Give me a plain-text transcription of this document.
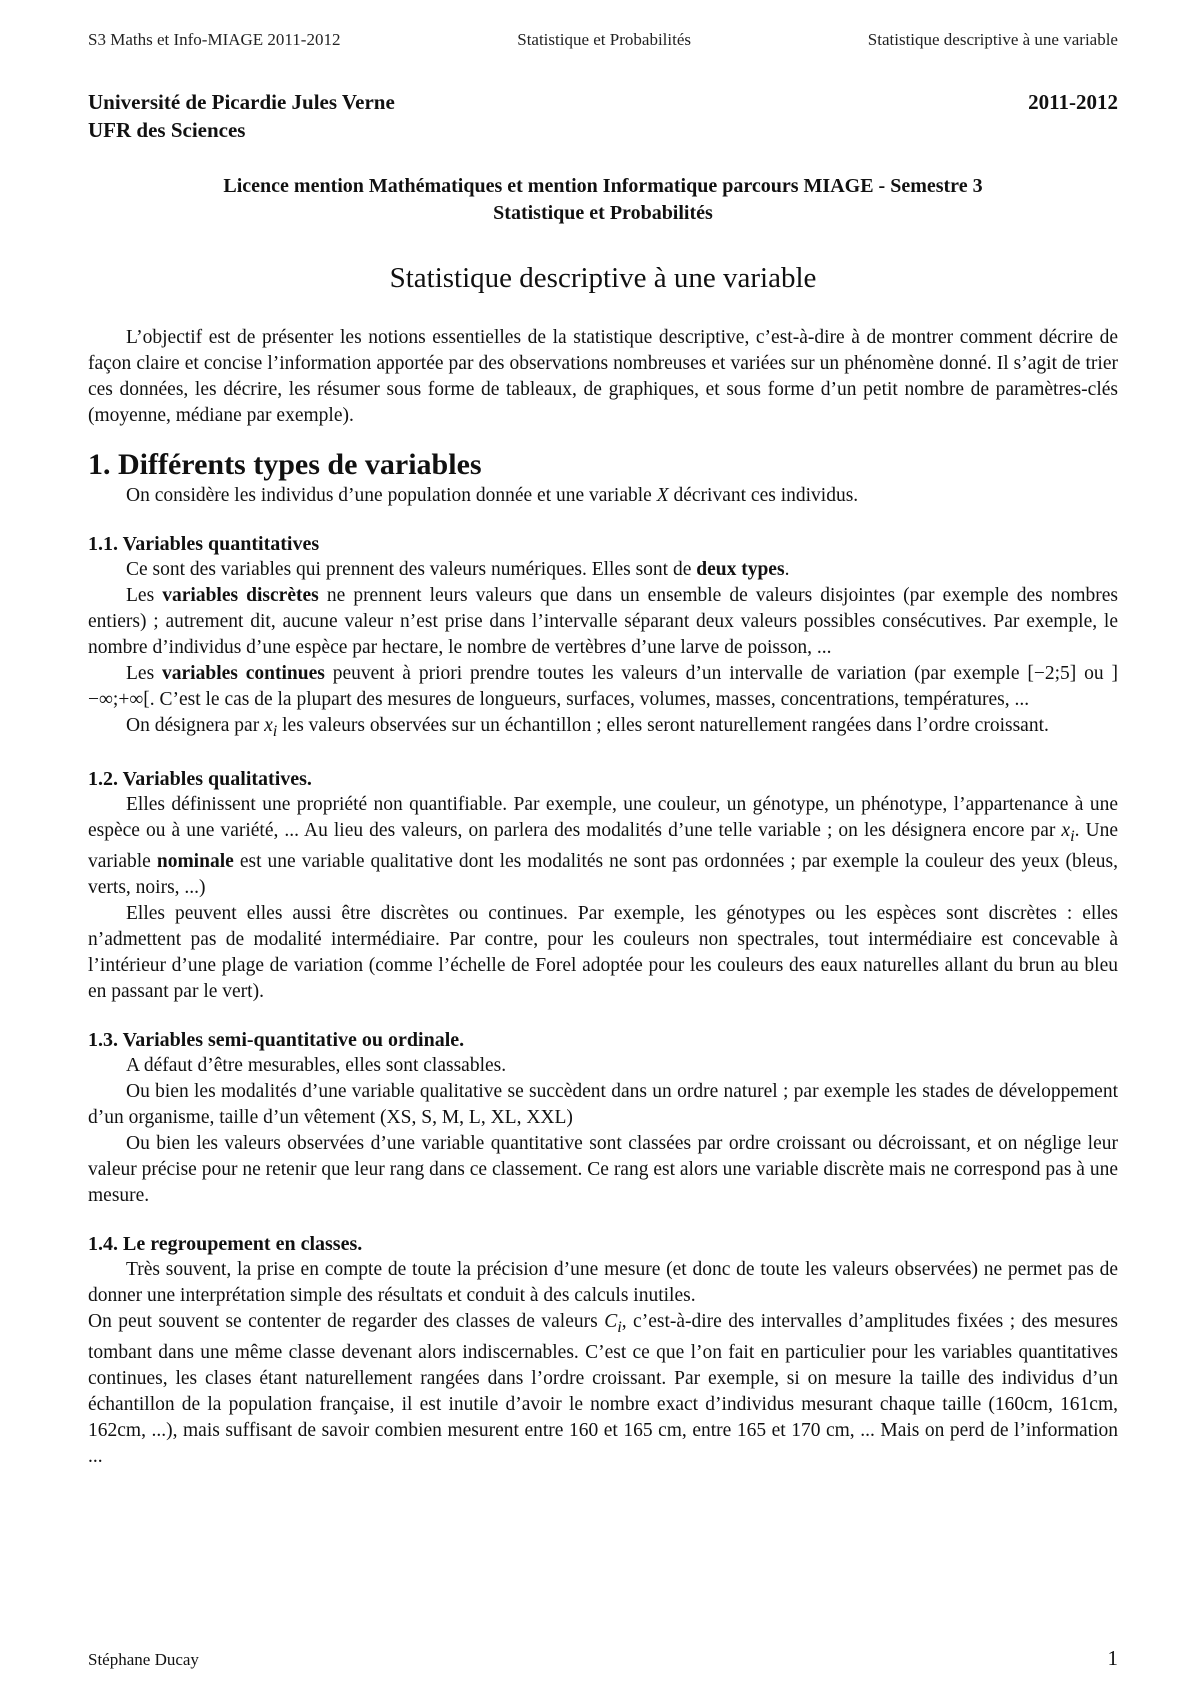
S3 Maths et Info-MIAGE 2011-2012	Statistique et Probabilités	Statistique descriptive à une variable
Université de Picardie Jules Verne
UFR des Sciences
2011-2012
Licence mention Mathématiques et mention Informatique parcours MIAGE - Semestre 3
Statistique et Probabilités
Statistique descriptive à une variable

L’objectif est de présenter les notions essentielles de la statistique descriptive, c’est-à-dire à de montrer comment décrire de façon claire et concise l’information apportée par des observations nombreuses et variées sur un phénomène donné. Il s’agit de trier ces données, les décrire, les résumer sous forme de tableaux, de graphiques, et sous forme d’un petit nombre de paramètres-clés (moyenne, médiane par exemple).

1. Différents types de variables

On considère les individus d’une population donnée et une variable X décrivant ces individus.

1.1. Variables quantitatives

Ce sont des variables qui prennent des valeurs numériques. Elles sont de deux types.

Les variables discrètes ne prennent leurs valeurs que dans un ensemble de valeurs disjointes (par exemple des nombres entiers) ; autrement dit, aucune valeur n’est prise dans l’intervalle séparant deux valeurs possibles consécutives. Par exemple, le nombre d’individus d’une espèce par hectare, le nombre de vertèbres d’une larve de poisson, ...

Les variables continues peuvent à priori prendre toutes les valeurs d’un intervalle de variation (par exemple [−2;5] ou ]−∞;+∞[. C’est le cas de la plupart des mesures de longueurs, surfaces, volumes, masses, concentrations, températures, ...

On désignera par $x_i$ les valeurs observées sur un échantillon ; elles seront naturellement rangées dans l’ordre croissant.

1.2. Variables qualitatives.

Elles définissent une propriété non quantifiable. Par exemple, une couleur, un génotype, un phénotype, l’appartenance à une espèce ou à une variété, ... Au lieu des valeurs, on parlera des modalités d’une telle variable ; on les désignera encore par $x_i$. Une variable nominale est une variable qualitative dont les modalités ne sont pas ordonnées ; par exemple la couleur des yeux (bleus, verts, noirs, ...)

Elles peuvent elles aussi être discrètes ou continues. Par exemple, les génotypes ou les espèces sont discrètes : elles n’admettent pas de modalité intermédiaire. Par contre, pour les couleurs non spectrales, tout intermédiaire est concevable à l’intérieur d’une plage de variation (comme l’échelle de Forel adoptée pour les couleurs des eaux naturelles allant du brun au bleu en passant par le vert).

1.3. Variables semi-quantitative ou ordinale.

A défaut d’être mesurables, elles sont classables.

Ou bien les modalités d’une variable qualitative se succèdent dans un ordre naturel ; par exemple les stades de développement d’un organisme, taille d’un vêtement (XS, S, M, L, XL, XXL)

Ou bien les valeurs observées d’une variable quantitative sont classées par ordre croissant ou décroissant, et on néglige leur valeur précise pour ne retenir que leur rang dans ce classement. Ce rang est alors une variable discrète mais ne correspond pas à une mesure.

1.4. Le regroupement en classes.

Très souvent, la prise en compte de toute la précision d’une mesure (et donc de toute les valeurs observées) ne permet pas de donner une interprétation simple des résultats et conduit à des calculs inutiles.

On peut souvent se contenter de regarder des classes de valeurs $C_i$, c’est-à-dire des intervalles d’amplitudes fixées ; des mesures tombant dans une même classe devenant alors indiscernables. C’est ce que l’on fait en particulier pour les variables quantitatives continues, les clases étant naturellement rangées dans l’ordre croissant. Par exemple, si on mesure la taille des individus d’un échantillon de la population française, il est inutile d’avoir le nombre exact d’individus mesurant chaque taille (160cm, 161cm, 162cm, ...), mais suffisant de savoir combien mesurent entre 160 et 165 cm, entre 165 et 170 cm, ... Mais on perd de l’information ...

Stéphane Ducay	1
